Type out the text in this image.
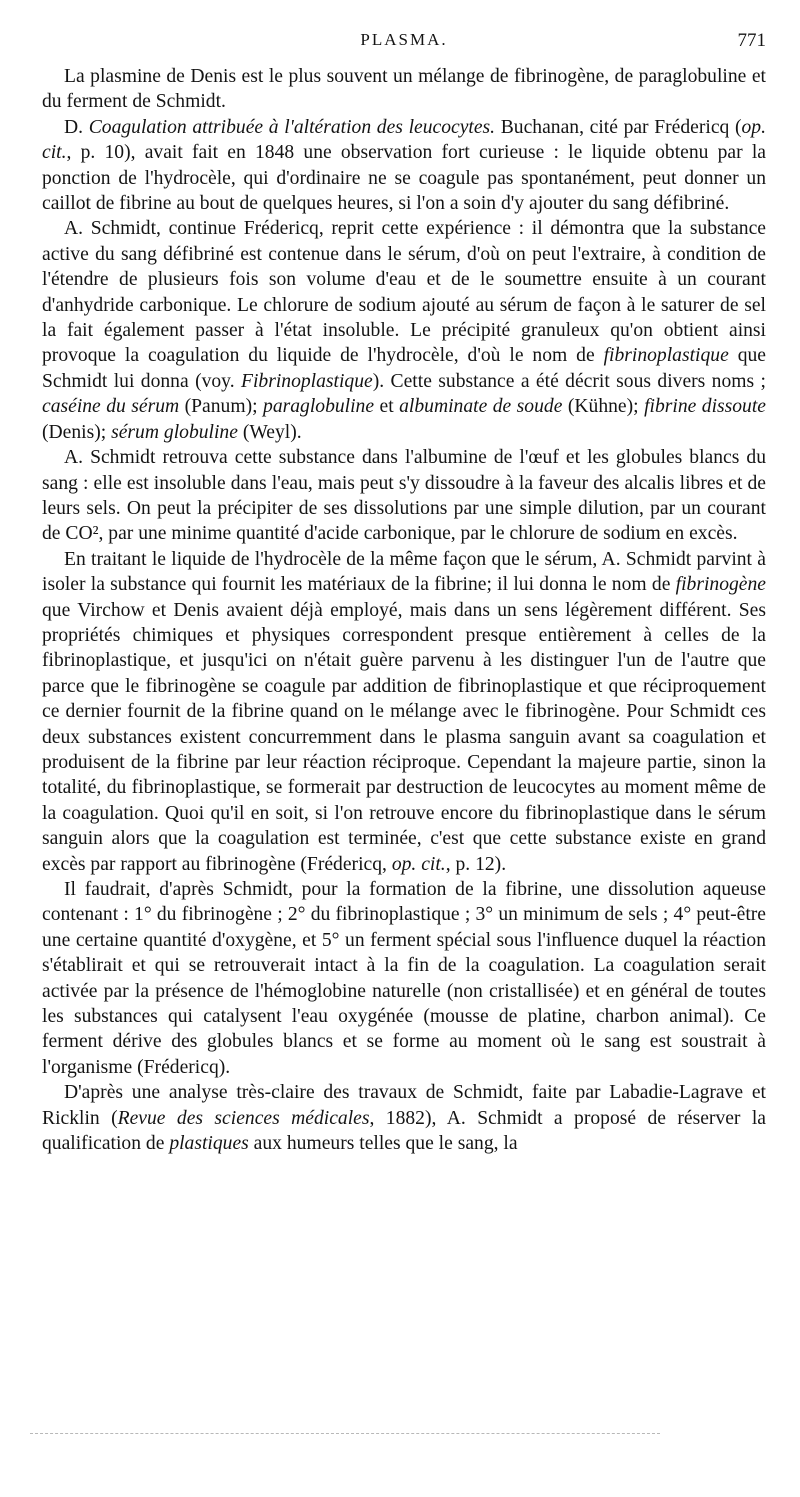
PLASMA.	771

La plasmine de Denis est le plus souvent un mélange de fibrinogène, de paraglobuline et du ferment de Schmidt.

D. Coagulation attribuée à l'altération des leucocytes. Buchanan, cité par Frédericq (op. cit., p. 10), avait fait en 1848 une observation fort curieuse : le liquide obtenu par la ponction de l'hydrocèle, qui d'ordinaire ne se coagule pas spontanément, peut donner un caillot de fibrine au bout de quelques heures, si l'on a soin d'y ajouter du sang défibriné.

A. Schmidt, continue Frédericq, reprit cette expérience : il démontra que la substance active du sang défibriné est contenue dans le sérum, d'où on peut l'extraire, à condition de l'étendre de plusieurs fois son volume d'eau et de le soumettre ensuite à un courant d'anhydride carbonique. Le chlorure de sodium ajouté au sérum de façon à le saturer de sel la fait également passer à l'état insoluble. Le précipité granuleux qu'on obtient ainsi provoque la coagulation du liquide de l'hydrocèle, d'où le nom de fibrinoplastique que Schmidt lui donna (voy. Fibrinoplastique). Cette substance a été décrit sous divers noms ; caséine du sérum (Panum); paraglobuline et albuminate de soude (Kühne); fibrine dissoute (Denis); sérum globuline (Weyl).

A. Schmidt retrouva cette substance dans l'albumine de l'œuf et les globules blancs du sang : elle est insoluble dans l'eau, mais peut s'y dissoudre à la faveur des alcalis libres et de leurs sels. On peut la précipiter de ses dissolutions par une simple dilution, par un courant de CO², par une minime quantité d'acide carbonique, par le chlorure de sodium en excès.

En traitant le liquide de l'hydrocèle de la même façon que le sérum, A. Schmidt parvint à isoler la substance qui fournit les matériaux de la fibrine; il lui donna le nom de fibrinogène que Virchow et Denis avaient déjà employé, mais dans un sens légèrement différent. Ses propriétés chimiques et physiques correspondent presque entièrement à celles de la fibrinoplastique, et jusqu'ici on n'était guère parvenu à les distinguer l'un de l'autre que parce que le fibrinogène se coagule par addition de fibrinoplastique et que réciproquement ce dernier fournit de la fibrine quand on le mélange avec le fibrinogène. Pour Schmidt ces deux substances existent concurremment dans le plasma sanguin avant sa coagulation et produisent de la fibrine par leur réaction réciproque. Cependant la majeure partie, sinon la totalité, du fibrinoplastique, se formerait par destruction de leucocytes au moment même de la coagulation. Quoi qu'il en soit, si l'on retrouve encore du fibrinoplastique dans le sérum sanguin alors que la coagulation est terminée, c'est que cette substance existe en grand excès par rapport au fibrinogène (Frédericq, op. cit., p. 12).

Il faudrait, d'après Schmidt, pour la formation de la fibrine, une dissolution aqueuse contenant : 1° du fibrinogène ; 2° du fibrinoplastique ; 3° un minimum de sels ; 4° peut-être une certaine quantité d'oxygène, et 5° un ferment spécial sous l'influence duquel la réaction s'établirait et qui se retrouverait intact à la fin de la coagulation. La coagulation serait activée par la présence de l'hémoglobine naturelle (non cristallisée) et en général de toutes les substances qui catalysent l'eau oxygénée (mousse de platine, charbon animal). Ce ferment dérive des globules blancs et se forme au moment où le sang est soustrait à l'organisme (Frédericq).

D'après une analyse très-claire des travaux de Schmidt, faite par Labadie-Lagrave et Ricklin (Revue des sciences médicales, 1882), A. Schmidt a proposé de réserver la qualification de plastiques aux humeurs telles que le sang, la
